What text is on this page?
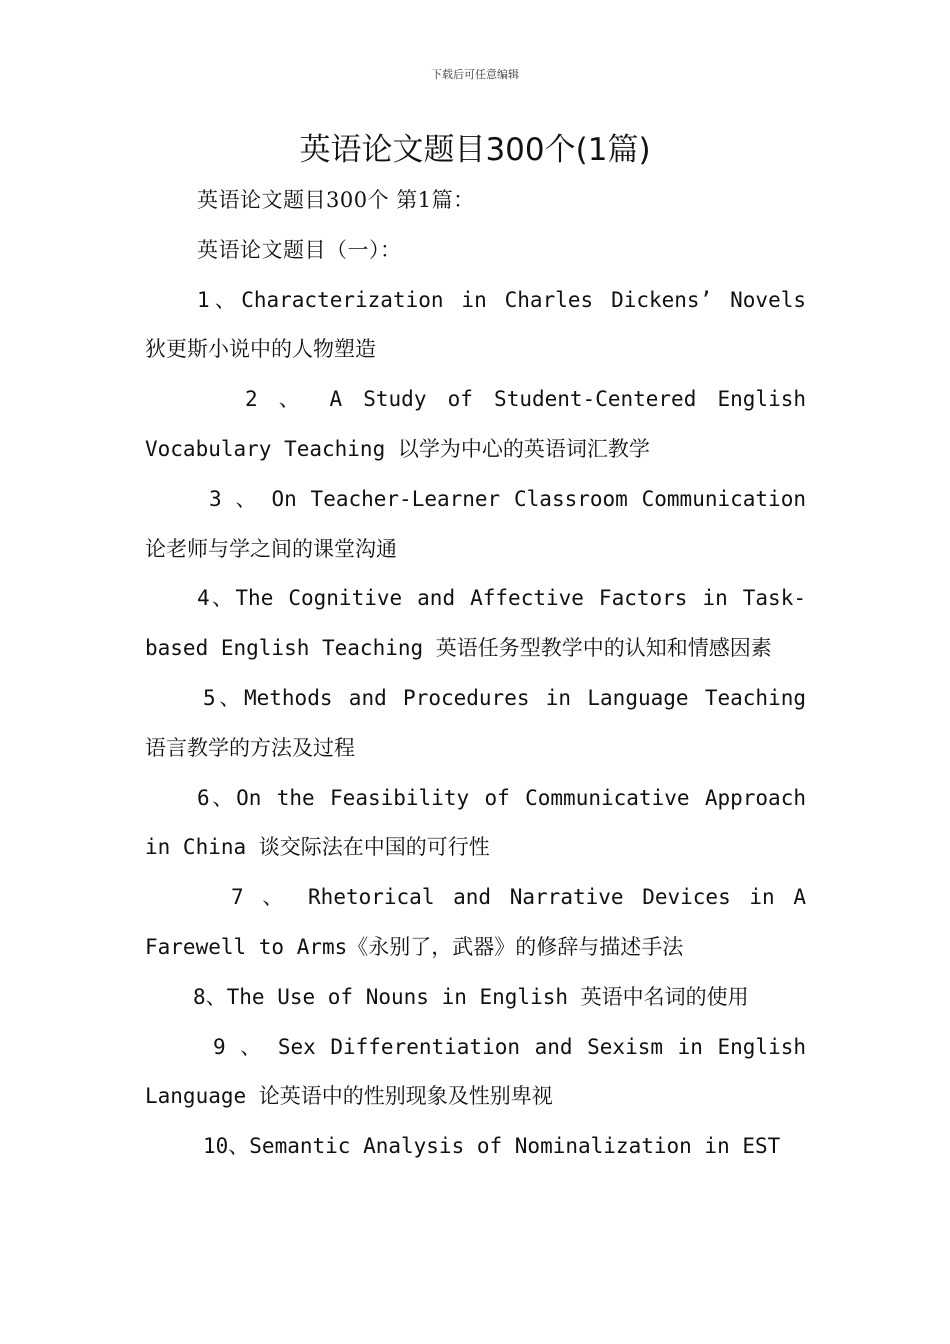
下载后可任意编辑
英语论文题目300个(1篇)

英语论文题目300个 第1篇：

英语论文题目（一）：

1、Characterization in Charles Dickens’ Novels 狄更斯小说中的人物塑造

2 、 A Study of Student-Centered English Vocabulary Teaching 以学为中心的英语词汇教学

3 、 On Teacher-Learner Classroom Communication 论老师与学之间的课堂沟通

4、The Cognitive and Affective Factors in Task-based English Teaching 英语任务型教学中的认知和情感因素

5、Methods and Procedures in Language Teaching 语言教学的方法及过程

6、On the Feasibility of Communicative Approach in China 谈交际法在中国的可行性

7 、 Rhetorical and Narrative Devices in A Farewell to Arms《永别了，武器》的修辞与描述手法

8、The Use of Nouns in English 英语中名词的使用

9 、 Sex Differentiation and Sexism in English Language 论英语中的性别现象及性别卑视

10、Semantic Analysis of Nominalization in EST
